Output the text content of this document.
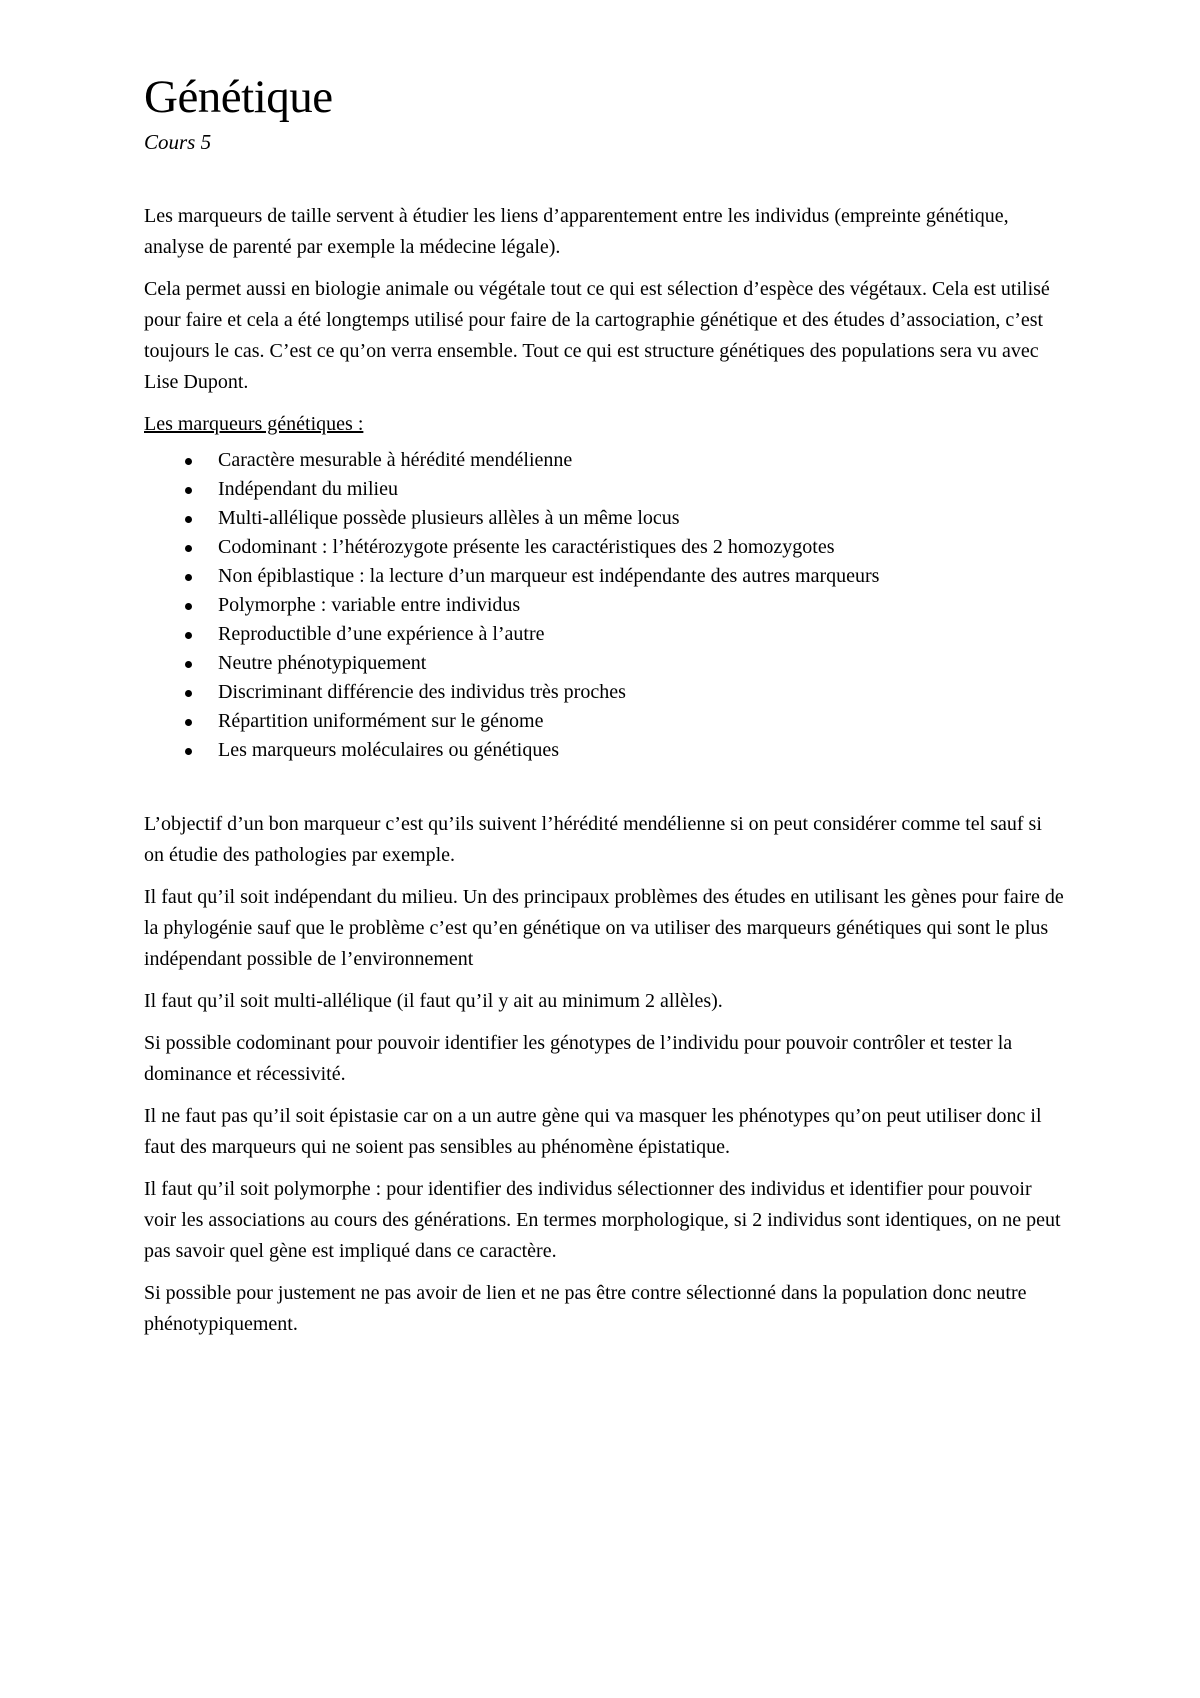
Génétique
Cours 5

Les marqueurs de taille servent à étudier les liens d’apparentement entre les individus (empreinte génétique, analyse de parenté par exemple la médecine légale).

Cela permet aussi en biologie animale ou végétale tout ce qui est sélection d’espèce des végétaux. Cela est utilisé pour faire et cela a été longtemps utilisé pour faire de la cartographie génétique et des études d’association, c’est toujours le cas. C’est ce qu’on verra ensemble. Tout ce qui est structure génétiques des populations sera vu avec Lise Dupont.

Les marqueurs génétiques :
Caractère mesurable à hérédité mendélienne
Indépendant du milieu
Multi-allélique possède plusieurs allèles à un même locus
Codominant : l’hétérozygote présente les caractéristiques des 2 homozygotes
Non épiblastique : la lecture d’un marqueur est indépendante des autres marqueurs
Polymorphe : variable entre individus
Reproductible d’une expérience à l’autre
Neutre phénotypiquement
Discriminant différencie des individus très proches
Répartition uniformément sur le génome
Les marqueurs moléculaires ou génétiques

L’objectif d’un bon marqueur c’est qu’ils suivent l’hérédité mendélienne si on peut considérer comme tel sauf si on étudie des pathologies par exemple.

Il faut qu’il soit indépendant du milieu. Un des principaux problèmes des études en utilisant les gènes pour faire de la phylogénie sauf que le problème c’est qu’en génétique on va utiliser des marqueurs génétiques qui sont le plus indépendant possible de l’environnement

Il faut qu’il soit multi-allélique (il faut qu’il y ait au minimum 2 allèles).

Si possible codominant pour pouvoir identifier les génotypes de l’individu pour pouvoir contrôler et tester la dominance et récessivité.

Il ne faut pas qu’il soit épistasie car on a un autre gène qui va masquer les phénotypes qu’on peut utiliser donc il faut des marqueurs qui ne soient pas sensibles au phénomène épistatique.

Il faut qu’il soit polymorphe : pour identifier des individus sélectionner des individus et identifier pour pouvoir voir les associations au cours des générations. En termes morphologique, si 2 individus sont identiques, on ne peut pas savoir quel gène est impliqué dans ce caractère.

Si possible pour justement ne pas avoir de lien et ne pas être contre sélectionné dans la population donc neutre phénotypiquement.
